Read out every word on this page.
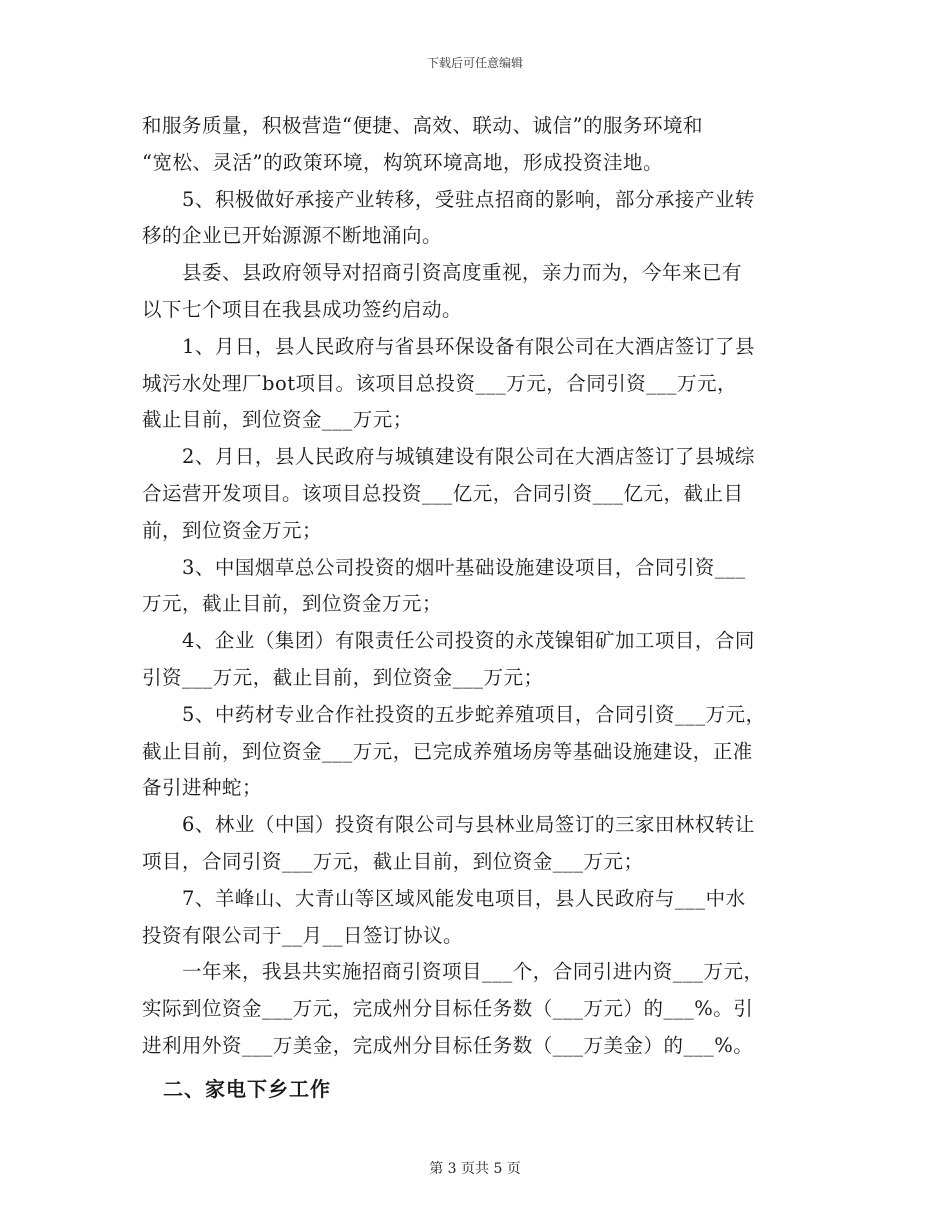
下载后可任意编辑

和服务质量，积极营造“便捷、高效、联动、诚信”的服务环境和
“宽松、灵活”的政策环境，构筑环境高地，形成投资洼地。

　　5、积极做好承接产业转移，受驻点招商的影响，部分承接产业转
移的企业已开始源源不断地涌向。

　　县委、县政府领导对招商引资高度重视，亲力而为，今年来已有
以下七个项目在我县成功签约启动。

　　1、月日，县人民政府与省县环保设备有限公司在大酒店签订了县
城污水处理厂bot项目。该项目总投资___万元，合同引资___万元，
截止目前，到位资金___万元；

　　2、月日，县人民政府与城镇建设有限公司在大酒店签订了县城综
合运营开发项目。该项目总投资___亿元，合同引资___亿元，截止目
前，到位资金万元；

　　3、中国烟草总公司投资的烟叶基础设施建设项目，合同引资___
万元，截止目前，到位资金万元；

　　4、企业（集团）有限责任公司投资的永茂镍钼矿加工项目，合同
引资___万元，截止目前，到位资金___万元；

　　5、中药材专业合作社投资的五步蛇养殖项目，合同引资___万元，
截止目前，到位资金___万元，已完成养殖场房等基础设施建设，正准
备引进种蛇；

　　6、林业（中国）投资有限公司与县林业局签订的三家田林权转让
项目，合同引资___万元，截止目前，到位资金___万元；

　　7、羊峰山、大青山等区域风能发电项目，县人民政府与___中水
投资有限公司于__月__日签订协议。

　　一年来，我县共实施招商引资项目___个，合同引进内资___万元，
实际到位资金___万元，完成州分目标任务数（___万元）的___%。引
进利用外资___万美金，完成州分目标任务数（___万美金）的___%。

　二、家电下乡工作

第 3 页共 5 页
